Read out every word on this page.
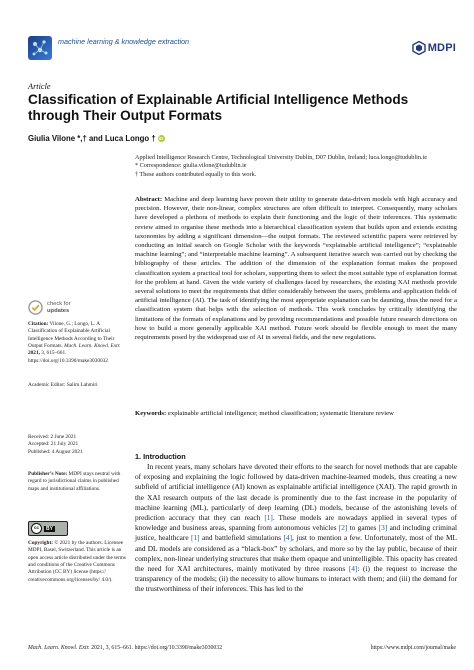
machine learning & knowledge extraction
MDPI
Article
Classification of Explainable Artificial Intelligence Methods through Their Output Formats
Giulia Vilone *,† and Luca Longo † iD
Applied Intelligence Research Centre, Technological University Dublin, D07 Dublin, Ireland; luca.longo@tudublin.ie
* Correspondence: giulia.vilone@tudublin.ie
† These authors contributed equally to this work.
Abstract: Machine and deep learning have proven their utility to generate data-driven models with high accuracy and precision. However, their non-linear, complex structures are often difficult to interpret. Consequently, many scholars have developed a plethora of methods to explain their functioning and the logic of their inferences. This systematic review aimed to organise these methods into a hierarchical classification system that builds upon and extends existing taxonomies by adding a significant dimension—the output formats. The reviewed scientific papers were retrieved by conducting an initial search on Google Scholar with the keywords “explainable artificial intelligence”; “explainable machine learning”; and “interpretable machine learning”. A subsequent iterative search was carried out by checking the bibliography of these articles. The addition of the dimension of the explanation format makes the proposed classification system a practical tool for scholars, supporting them to select the most suitable type of explanation format for the problem at hand. Given the wide variety of challenges faced by researchers, the existing XAI methods provide several solutions to meet the requirements that differ considerably between the users, problems and application fields of artificial intelligence (AI). The task of identifying the most appropriate explanation can be daunting, thus the need for a classification system that helps with the selection of methods. This work concludes by critically identifying the limitations of the formats of explanations and by providing recommendations and possible future research directions on how to build a more generally applicable XAI method. Future work should be flexible enough to meet the many requirements posed by the widespread use of AI in several fields, and the new regulations.
Keywords: explainable artificial intelligence; method classification; systematic literature review
check for
updates
Citation: Vilone, G.; Longo, L. A Classification of Explainable Artificial Intelligence Methods According to Their Output Formats. Mach. Learn. Knowl. Extr. 2021, 3, 615–661. https://doi.org/10.3390/make3030032
Academic Editor: Salim Lahmiri
Received: 2 June 2021
Accepted: 21 July 2021
Published: 4 August 2021
Publisher’s Note: MDPI stays neutral with regard to jurisdictional claims in published maps and institutional affiliations.
cc	BY
Copyright: © 2021 by the authors. Licensee MDPI, Basel, Switzerland. This article is an open access article distributed under the terms and conditions of the Creative Commons Attribution (CC BY) license (https:// creativecommons.org/licenses/by/ 4.0/).
1. Introduction
In recent years, many scholars have devoted their efforts to the search for novel methods that are capable of exposing and explaining the logic followed by data-driven machine-learned models, thus creating a new subfield of artificial intelligence (AI) known as explainable artificial intelligence (XAI). The rapid growth in the XAI research outputs of the last decade is prominently due to the fast increase in the popularity of machine learning (ML), particularly of deep learning (DL) models, because of the astonishing levels of prediction accuracy that they can reach [1]. These models are nowadays applied in several types of knowledge and business areas, spanning from autonomous vehicles [2] to games [3] and including criminal justice, healthcare [1] and battlefield simulations [4], just to mention a few. Unfortunately, most of the ML and DL models are considered as a “black-box” by scholars, and more so by the lay public, because of their complex, non-linear underlying structures that make them opaque and unintelligible. This opacity has created the need for XAI architectures, mainly motivated by three reasons [4]: (i) the request to increase the transparency of the models; (ii) the necessity to allow humans to interact with them; and (iii) the demand for the trustworthiness of their inferences. This has led to the
Mach. Learn. Knowl. Extr. 2021, 3, 615–661. https://doi.org/10.3390/make3030032	https://www.mdpi.com/journal/make
